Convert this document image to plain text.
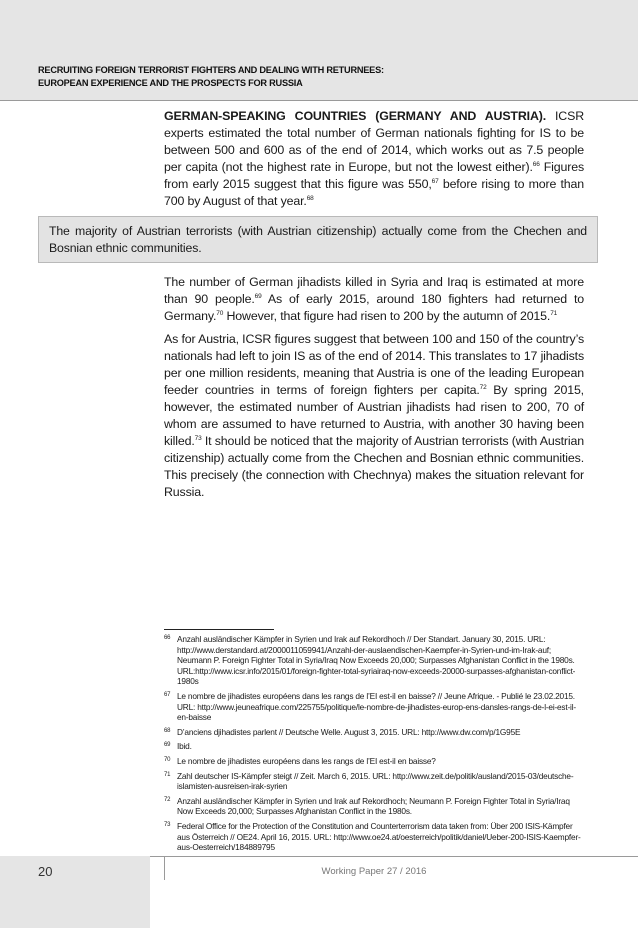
RECRUITING FOREIGN TERRORIST FIGHTERS AND DEALING WITH RETURNEES:
EUROPEAN EXPERIENCE AND THE PROSPECTS FOR RUSSIA

GERMAN-SPEAKING COUNTRIES (GERMANY AND AUSTRIA). ICSR experts estimated the total number of German nationals fighting for IS to be between 500 and 600 as of the end of 2014, which works out as 7.5 people per capita (not the highest rate in Europe, but not the lowest either).$^{66}$ Figures from early 2015 suggest that this figure was 550,67 before rising to more than 700 by August of that year.$^{68}$

The majority of Austrian terrorists (with Austrian citizenship) actually come from the Chechen and Bosnian ethnic communities.

The number of German jihadists killed in Syria and Iraq is estimated at more than 90 people.$^{69}$ As of early 2015, around 180 fighters had returned to Germany.$^{70}$ However, that figure had risen to 200 by the autumn of 2015.71

As for Austria, ICSR figures suggest that between 100 and 150 of the country’s nationals had left to join IS as of the end of 2014. This translates to 17 jihadists per one million residents, meaning that Austria is one of the leading European feeder countries in terms of foreign fighters per capita.$^{72}$ By spring 2015, however, the estimated number of Austrian jihadists had risen to 200, 70 of whom are assumed to have returned to Austria, with another 30 having been killed.$^{73}$ It should be noticed that the majority of Austrian terrorists (with Austrian citizenship) actually come from the Chechen and Bosnian ethnic communities. This precisely (the connection with Chechnya) makes the situation relevant for Russia.

66 Anzahl ausländischer Kämpfer in Syrien und Irak auf Rekordhoch // Der Standart. January 30, 2015. URL: http://www.derstandard.at/2000011059941/Anzahl-der-auslaendischen-Kaempfer-in-Syrien-und-im-Irak-auf; Neumann P. Foreign Fighter Total in Syria/Iraq Now Exceeds 20,000; Surpasses Afghanistan Conflict in the 1980s. URL:http://www.icsr.info/2015/01/foreign-fighter-total-syriairaq-now-exceeds-20000-surpasses-afghanistan-conflict-1980s
67 Le nombre de jihadistes européens dans les rangs de l’EI est-il en baisse? // Jeune Afrique. - Publié le 23.02.2015. URL: http://www.jeuneafrique.com/225755/politique/le-nombre-de-jihadistes-europ-ens-dansles-rangs-de-l-ei-est-il-en-baisse
68 D’anciens djihadistes parlent // Deutsche Welle. August 3, 2015. URL: http://www.dw.com/p/1G95E
69 Ibid.
70 Le nombre de jihadistes européens dans les rangs de l’EI est-il en baisse?
71 Zahl deutscher IS-Kämpfer steigt // Zeit. March 6, 2015. URL: http://www.zeit.de/politik/ausland/2015-03/deutsche-islamisten-ausreisen-irak-syrien
72 Anzahl ausländischer Kämpfer in Syrien und Irak auf Rekordhoch; Neumann P. Foreign Fighter Total in Syria/Iraq Now Exceeds 20,000; Surpasses Afghanistan Conflict in the 1980s.
73 Federal Office for the Protection of the Constitution and Counterterrorism data taken from: Über 200 ISIS-Kämpfer aus Österreich // OE24. April 16, 2015. URL: http://www.oe24.at/oesterreich/politik/daniel/Ueber-200-ISIS-Kaempfer-aus-Oesterreich/184889795
20	Working Paper 27 / 2016
